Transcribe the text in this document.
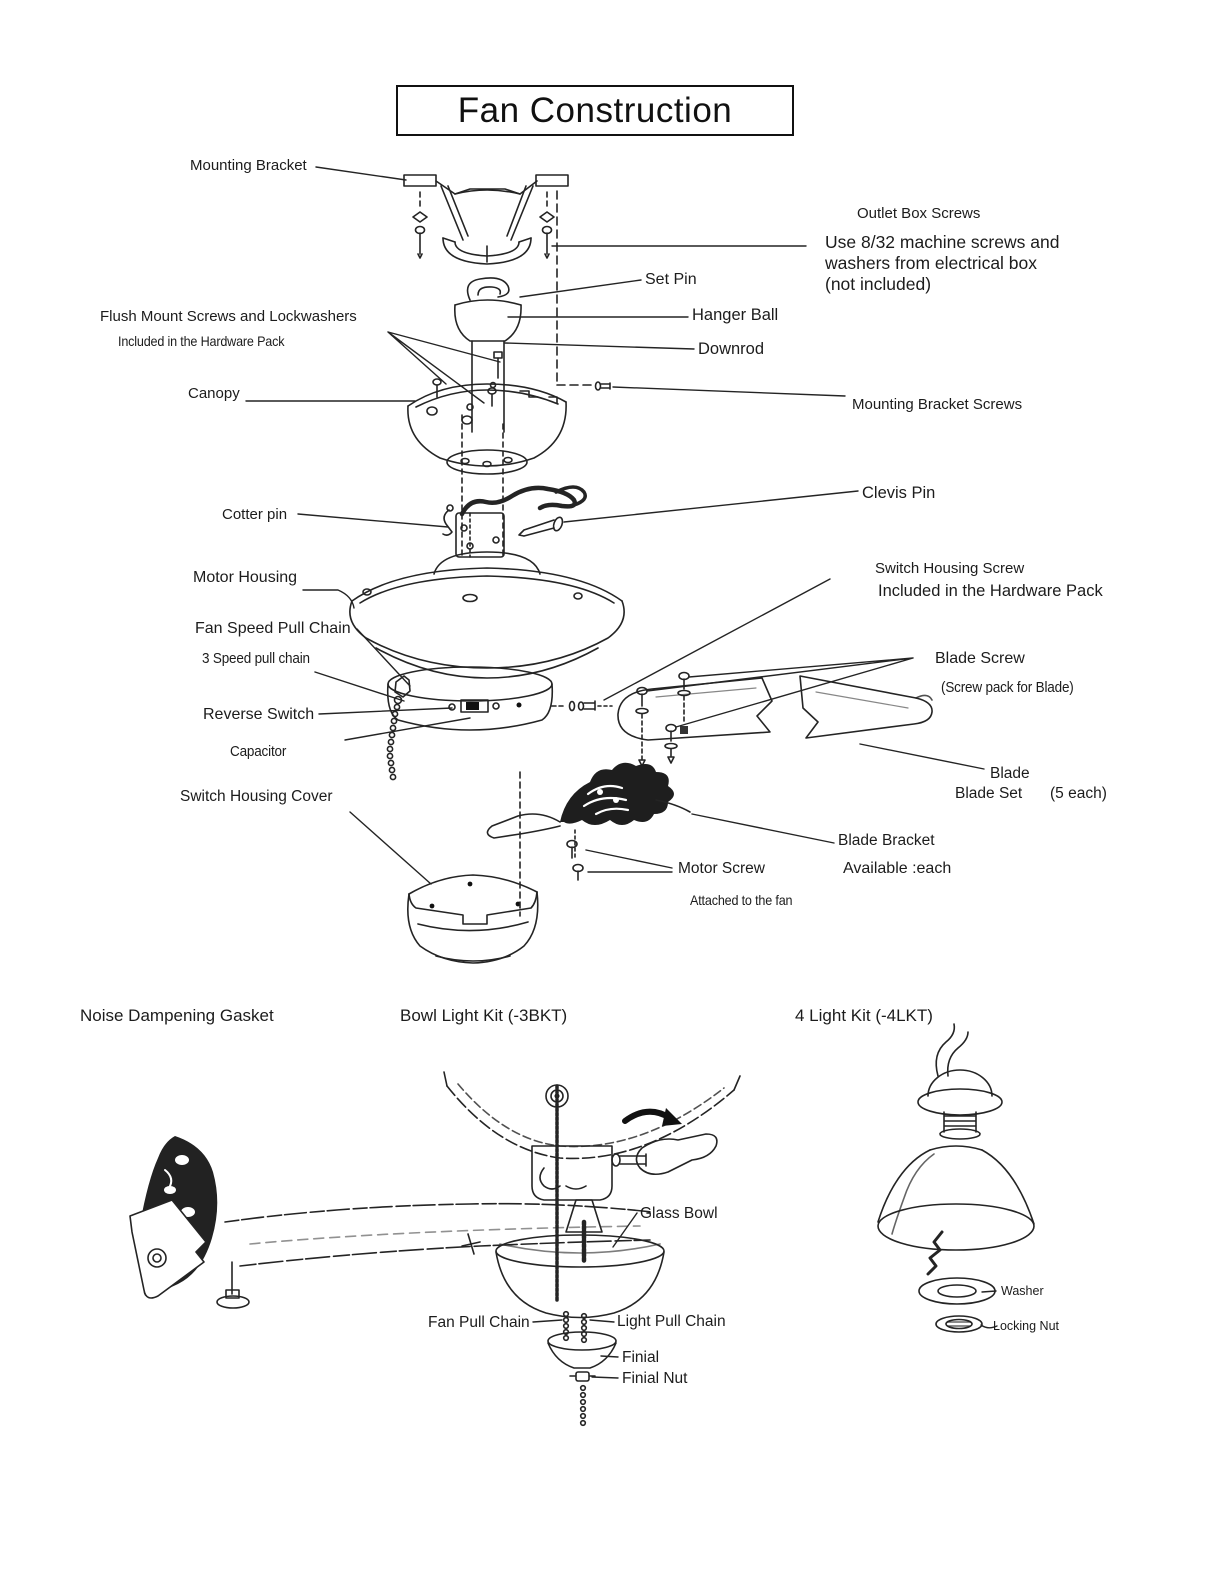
Fan Construction
Mounting Bracket
Outlet Box Screws
Use 8/32 machine screws and
washers from electrical box
(not included)
Set Pin
Hanger Ball
Downrod
Flush Mount Screws and Lockwashers
Included in the Hardware Pack
Canopy
Mounting Bracket Screws
Cotter pin
Clevis Pin
Motor Housing
Switch Housing Screw
Included in the Hardware Pack
Fan Speed Pull Chain
3 Speed pull chain	Blade Screw
(Screw pack for Blade)
Reverse Switch
Capacitor
Blade
Blade Set (5 each)
Switch Housing Cover
Blade Bracket
Available :each
Motor Screw
Attached to the fan
Noise Dampening Gasket	Bowl Light Kit (-3BKT)	4 Light Kit (-4LKT)
Glass Bowl
Fan Pull Chain	Light Pull Chain
Finial
Finial Nut
Washer
Locking Nut
